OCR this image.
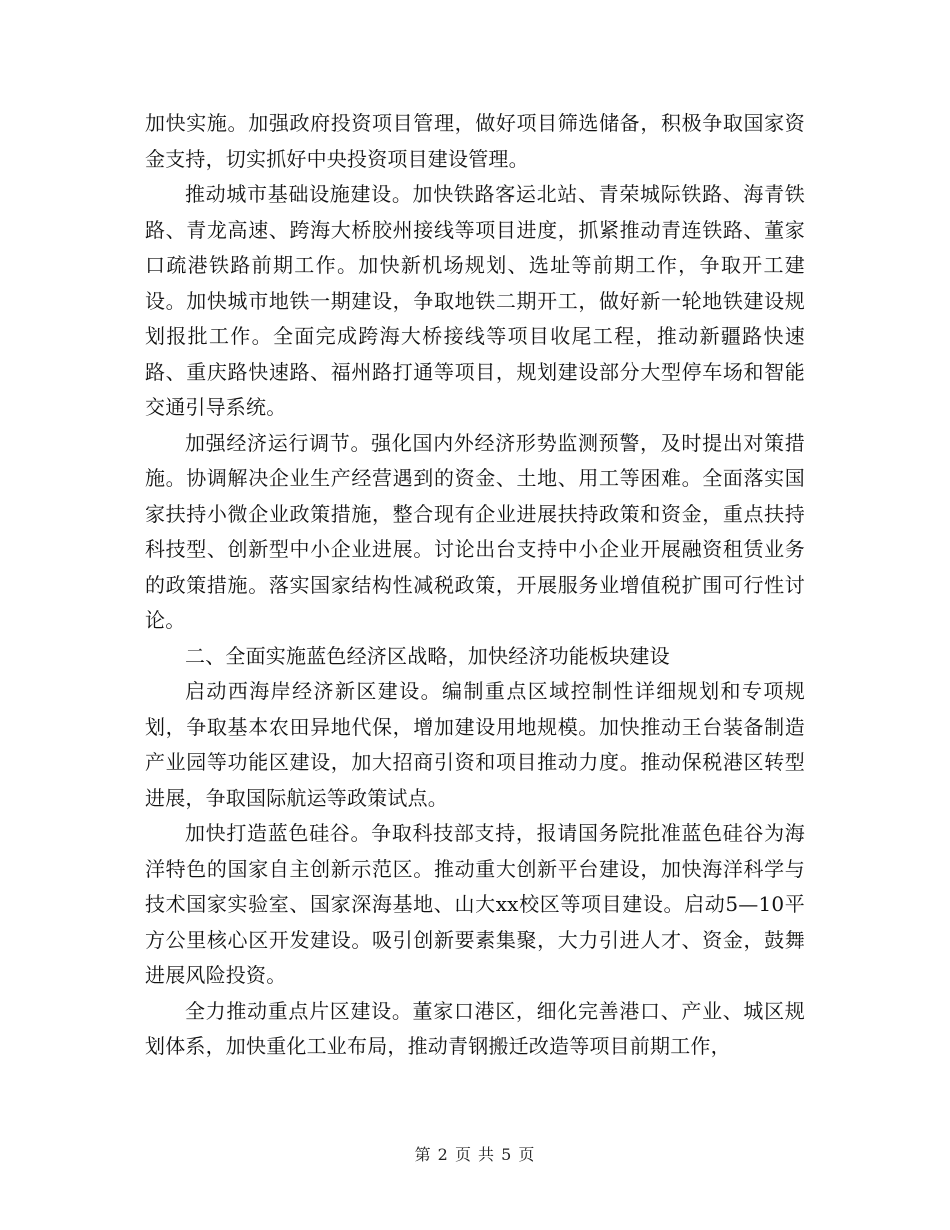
加快实施。加强政府投资项目管理，做好项目筛选储备，积极争取国家资金支持，切实抓好中央投资项目建设管理。

推动城市基础设施建设。加快铁路客运北站、青荣城际铁路、海青铁路、青龙高速、跨海大桥胶州接线等项目进度，抓紧推动青连铁路、董家口疏港铁路前期工作。加快新机场规划、选址等前期工作，争取开工建设。加快城市地铁一期建设，争取地铁二期开工，做好新一轮地铁建设规划报批工作。全面完成跨海大桥接线等项目收尾工程，推动新疆路快速路、重庆路快速路、福州路打通等项目，规划建设部分大型停车场和智能交通引导系统。

加强经济运行调节。强化国内外经济形势监测预警，及时提出对策措施。协调解决企业生产经营遇到的资金、土地、用工等困难。全面落实国家扶持小微企业政策措施，整合现有企业进展扶持政策和资金，重点扶持科技型、创新型中小企业进展。讨论出台支持中小企业开展融资租赁业务的政策措施。落实国家结构性减税政策，开展服务业增值税扩围可行性讨论。

二、全面实施蓝色经济区战略，加快经济功能板块建设

启动西海岸经济新区建设。编制重点区域控制性详细规划和专项规划，争取基本农田异地代保，增加建设用地规模。加快推动王台装备制造产业园等功能区建设，加大招商引资和项目推动力度。推动保税港区转型进展，争取国际航运等政策试点。

加快打造蓝色硅谷。争取科技部支持，报请国务院批准蓝色硅谷为海洋特色的国家自主创新示范区。推动重大创新平台建设，加快海洋科学与技术国家实验室、国家深海基地、山大xx校区等项目建设。启动5—10平方公里核心区开发建设。吸引创新要素集聚，大力引进人才、资金，鼓舞进展风险投资。

全力推动重点片区建设。董家口港区，细化完善港口、产业、城区规划体系，加快重化工业布局，推动青钢搬迁改造等项目前期工作，

第 2 页 共 5 页
